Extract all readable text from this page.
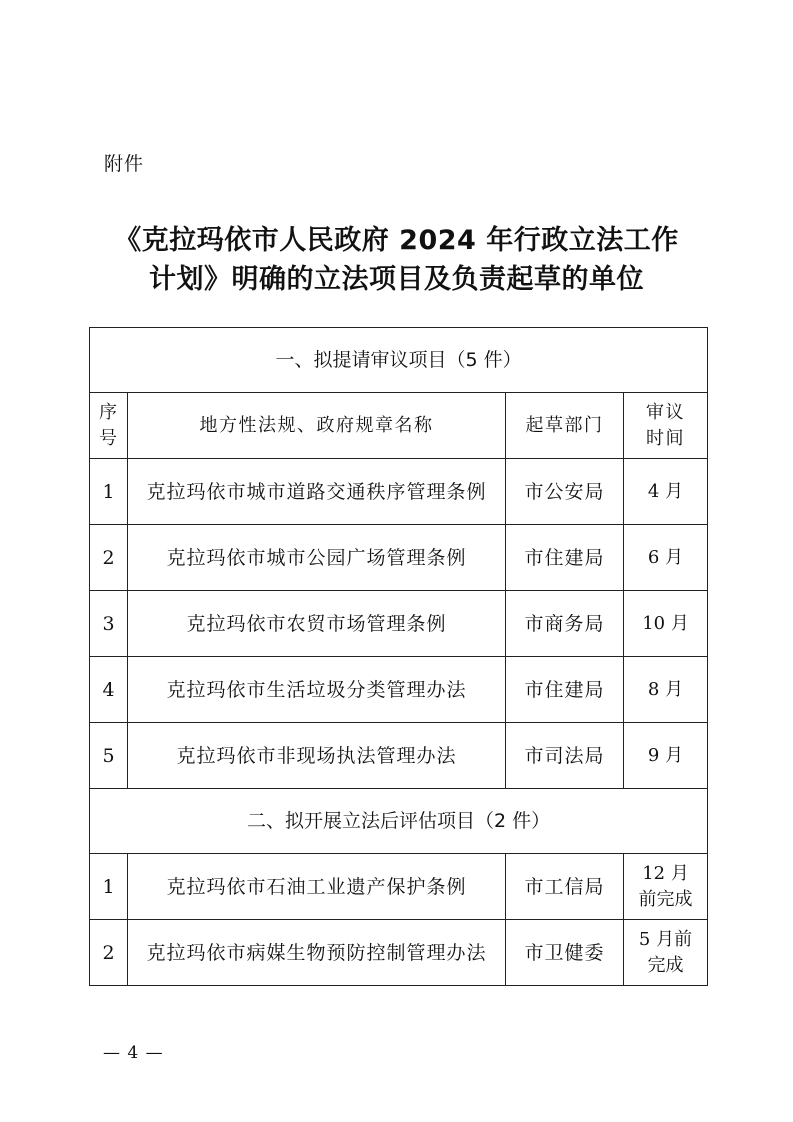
附件
《克拉玛依市人民政府 2024 年行政立法工作
计划》明确的立法项目及负责起草的单位
一、拟提请审议项目（5 件）			
序号	地方性法规、政府规章名称	起草部门	审议时间
1	克拉玛依市城市道路交通秩序管理条例	市公安局	4 月
2	克拉玛依市城市公园广场管理条例	市住建局	6 月
3	克拉玛依市农贸市场管理条例	市商务局	10 月
4	克拉玛依市生活垃圾分类管理办法	市住建局	8 月
5	克拉玛依市非现场执法管理办法	市司法局	9 月
二、拟开展立法后评估项目（2 件）			
1	克拉玛依市石油工业遗产保护条例	市工信局	12 月前完成
2	克拉玛依市病媒生物预防控制管理办法	市卫健委	5 月前完成
— 4 —
